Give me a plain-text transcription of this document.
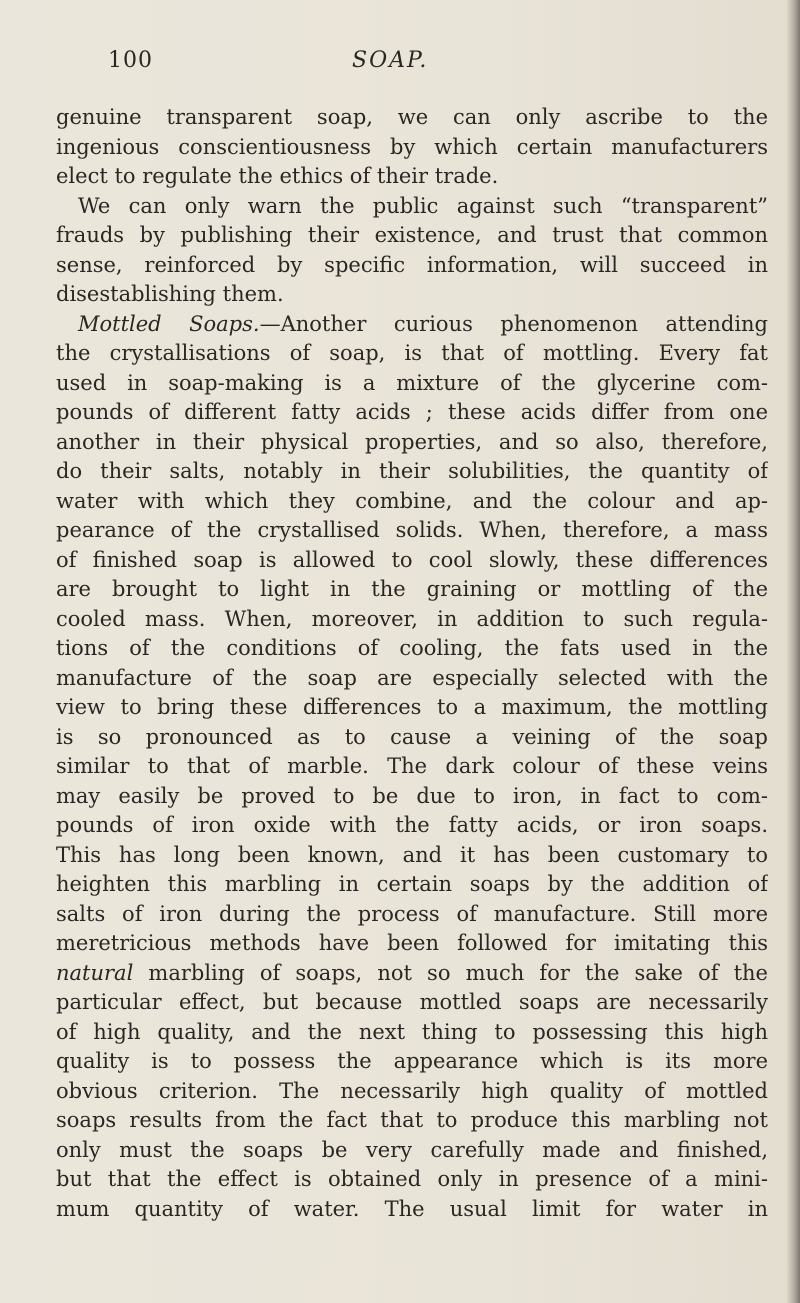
100	SOAP.
genuine transparent soap, we can only ascribe to the
ingenious conscientiousness by which certain manufacturers
elect to regulate the ethics of their trade.
We can only warn the public against such “transparent”
frauds by publishing their existence, and trust that common
sense, reinforced by specific information, will succeed in
disestablishing them.
Mottled Soaps.—Another curious phenomenon attending
the crystallisations of soap, is that of mottling. Every fat
used in soap-making is a mixture of the glycerine com-
pounds of different fatty acids ; these acids differ from one
another in their physical properties, and so also, therefore,
do their salts, notably in their solubilities, the quantity of
water with which they combine, and the colour and ap-
pearance of the crystallised solids. When, therefore, a mass
of finished soap is allowed to cool slowly, these differences
are brought to light in the graining or mottling of the
cooled mass. When, moreover, in addition to such regula-
tions of the conditions of cooling, the fats used in the
manufacture of the soap are especially selected with the
view to bring these differences to a maximum, the mottling
is so pronounced as to cause a veining of the soap
similar to that of marble. The dark colour of these veins
may easily be proved to be due to iron, in fact to com-
pounds of iron oxide with the fatty acids, or iron soaps.
This has long been known, and it has been customary to
heighten this marbling in certain soaps by the addition of
salts of iron during the process of manufacture. Still more
meretricious methods have been followed for imitating this
natural marbling of soaps, not so much for the sake of the
particular effect, but because mottled soaps are necessarily
of high quality, and the next thing to possessing this high
quality is to possess the appearance which is its more
obvious criterion. The necessarily high quality of mottled
soaps results from the fact that to produce this marbling not
only must the soaps be very carefully made and finished,
but that the effect is obtained only in presence of a mini-
mum quantity of water. The usual limit for water in
